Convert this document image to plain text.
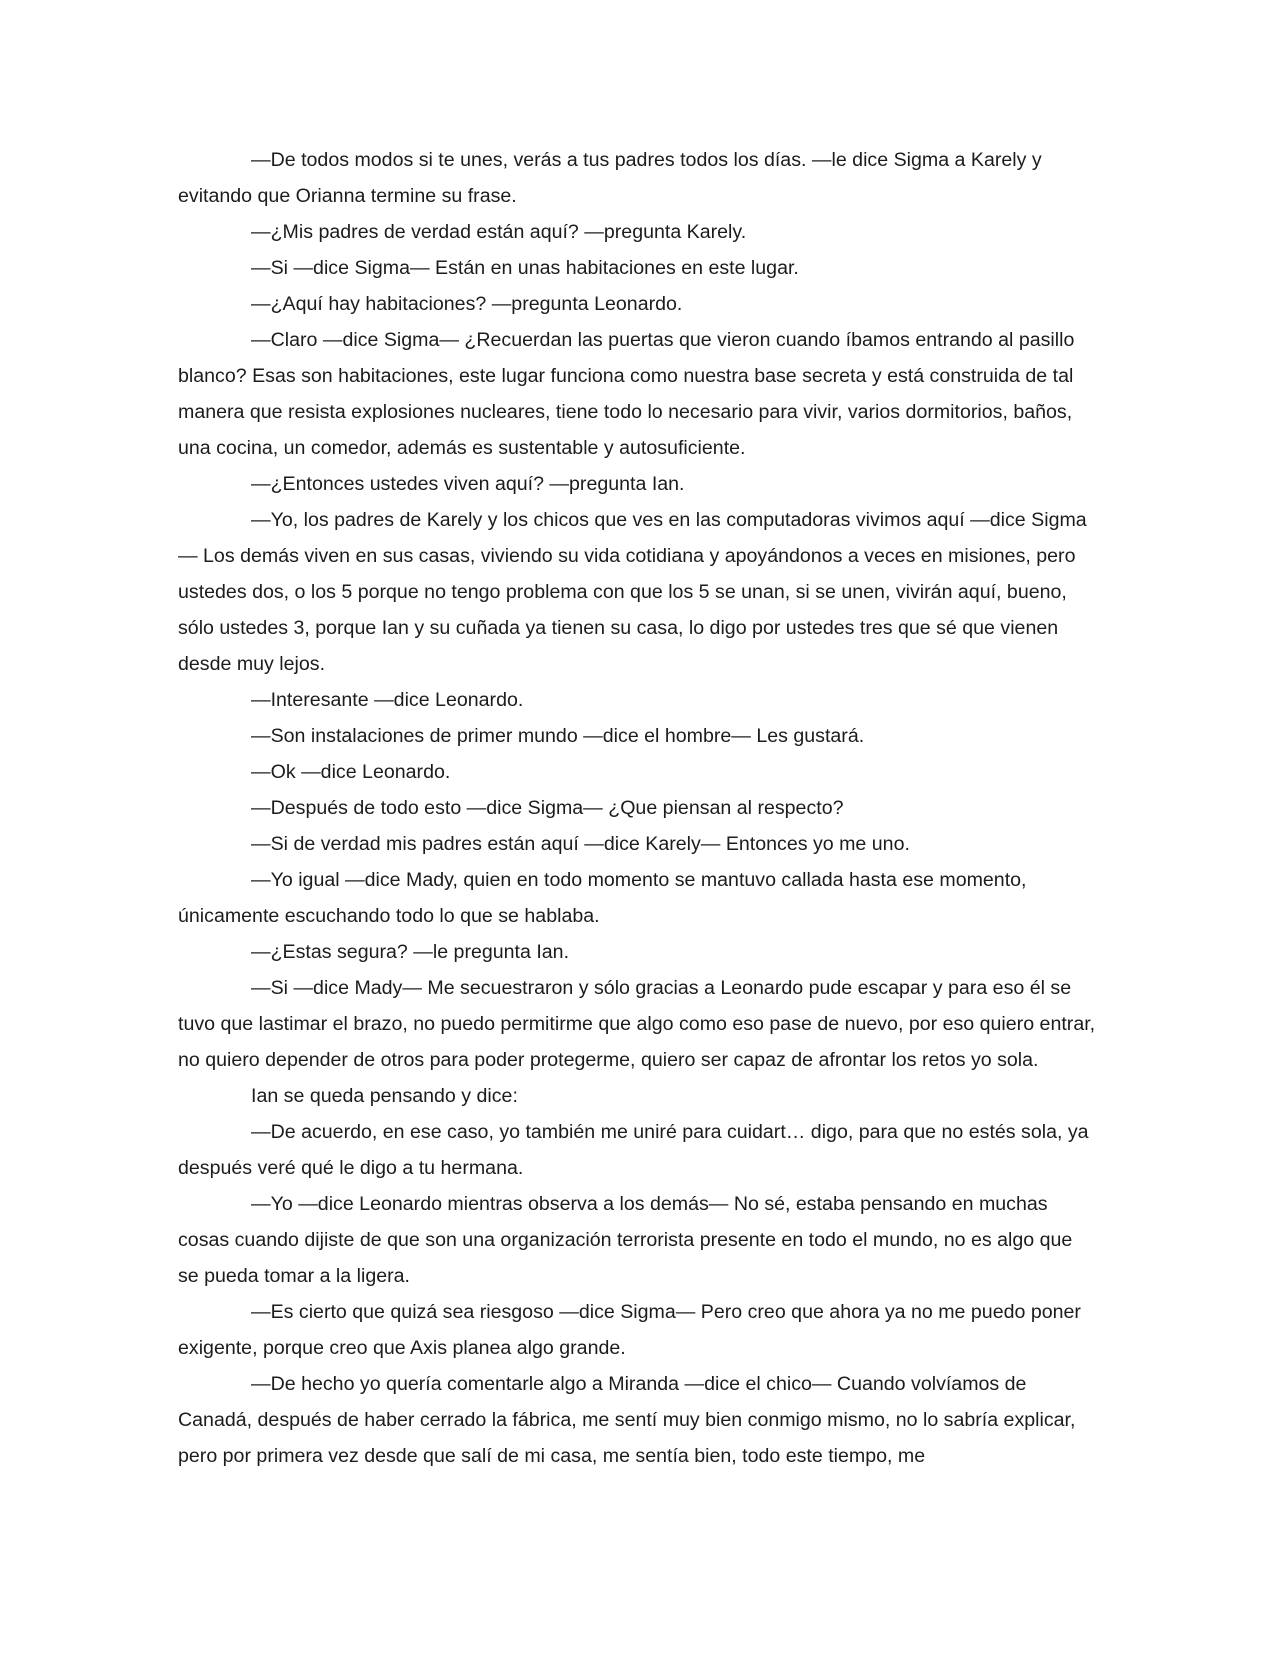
—De todos modos si te unes, verás a tus padres todos los días. —le dice Sigma a Karely y evitando que Orianna termine su frase.

—¿Mis padres de verdad están aquí? —pregunta Karely.

—Si —dice Sigma— Están en unas habitaciones en este lugar.

—¿Aquí hay habitaciones? —pregunta Leonardo.

—Claro —dice Sigma— ¿Recuerdan las puertas que vieron cuando íbamos entrando al pasillo blanco? Esas son habitaciones, este lugar funciona como nuestra base secreta y está construida de tal manera que resista explosiones nucleares, tiene todo lo necesario para vivir, varios dormitorios, baños, una cocina, un comedor, además es sustentable y autosuficiente.

—¿Entonces ustedes viven aquí? —pregunta Ian.

—Yo, los padres de Karely y los chicos que ves en las computadoras vivimos aquí —dice Sigma— Los demás viven en sus casas, viviendo su vida cotidiana y apoyándonos a veces en misiones, pero ustedes dos, o los 5 porque no tengo problema con que los 5 se unan, si se unen, vivirán aquí, bueno, sólo ustedes 3, porque Ian y su cuñada ya tienen su casa, lo digo por ustedes tres que sé que vienen desde muy lejos.

—Interesante —dice Leonardo.

—Son instalaciones de primer mundo —dice el hombre— Les gustará.

—Ok —dice Leonardo.

—Después de todo esto —dice Sigma— ¿Que piensan al respecto?

—Si de verdad mis padres están aquí —dice Karely— Entonces yo me uno.

—Yo igual —dice Mady, quien en todo momento se mantuvo callada hasta ese momento, únicamente escuchando todo lo que se hablaba.

—¿Estas segura? —le pregunta Ian.

—Si —dice Mady— Me secuestraron y sólo gracias a Leonardo pude escapar y para eso él se tuvo que lastimar el brazo, no puedo permitirme que algo como eso pase de nuevo, por eso quiero entrar, no quiero depender de otros para poder protegerme, quiero ser capaz de afrontar los retos yo sola.

Ian se queda pensando y dice:

—De acuerdo, en ese caso, yo también me uniré para cuidart… digo, para que no estés sola, ya después veré qué le digo a tu hermana.

—Yo —dice Leonardo mientras observa a los demás— No sé, estaba pensando en muchas cosas cuando dijiste de que son una organización terrorista presente en todo el mundo, no es algo que se pueda tomar a la ligera.

—Es cierto que quizá sea riesgoso —dice Sigma— Pero creo que ahora ya no me puedo poner exigente, porque creo que Axis planea algo grande.

—De hecho yo quería comentarle algo a Miranda —dice el chico— Cuando volvíamos de Canadá, después de haber cerrado la fábrica, me sentí muy bien conmigo mismo, no lo sabría explicar, pero por primera vez desde que salí de mi casa, me sentía bien, todo este tiempo, me
